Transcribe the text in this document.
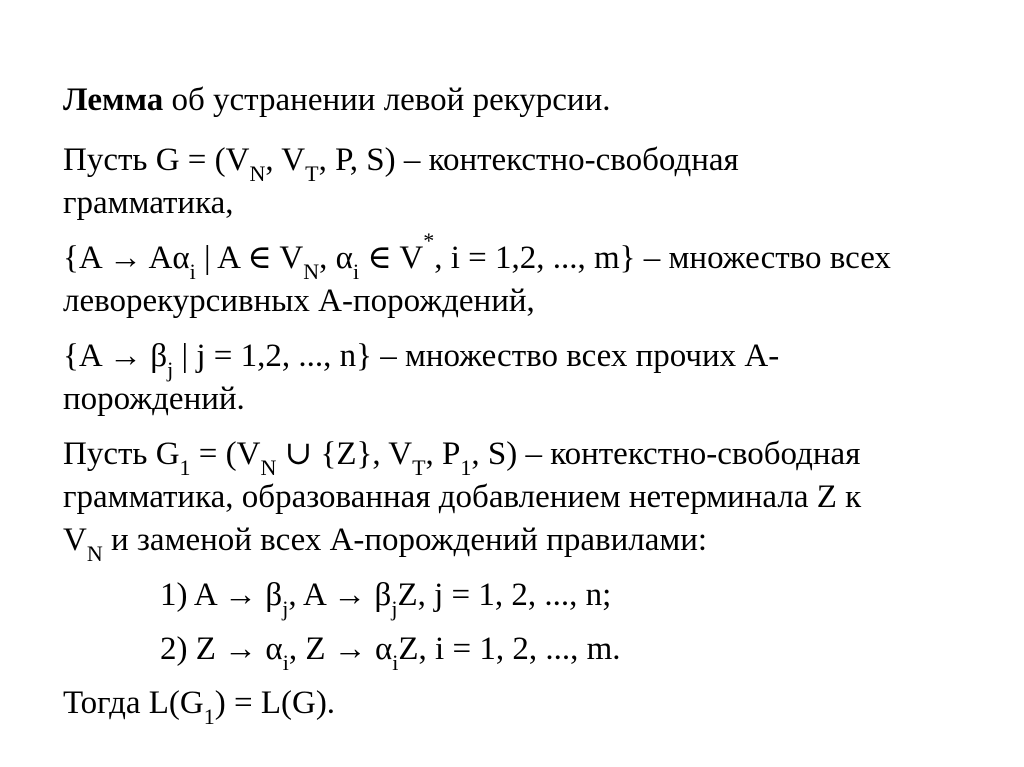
Лемма об устранении левой рекурсии.
Пусть $G = (V_N$, $V_T$, P, S) – контекстно-свободная
грамматика,
{$A \to A\alpha_i$ | A ∈ $V_N$, $\alpha_i$ ∈ V*, i = 1,2, ..., m} – множество всех
леворекурсивных А-порождений,
{$A \to \beta_j$ | j = 1,2, ..., n} – множество всех прочих А-
порождений.
Пусть $G_1 = (V_N$ ∪ {Z}, $V_T$, $P_1$, S) – контекстно-свободная
грамматика, образованная добавлением нетерминала Z к
$V_N$ и заменой всех А-порождений правилами:
1) $A \to \beta_j$, $A \to \beta_jZ$, j = 1, 2, ..., n;
2) $Z \to \alpha_i$, $Z \to \alpha_iZ$, i = 1, 2, ..., m.
Тогда $L(G_1) = L(G)$.
